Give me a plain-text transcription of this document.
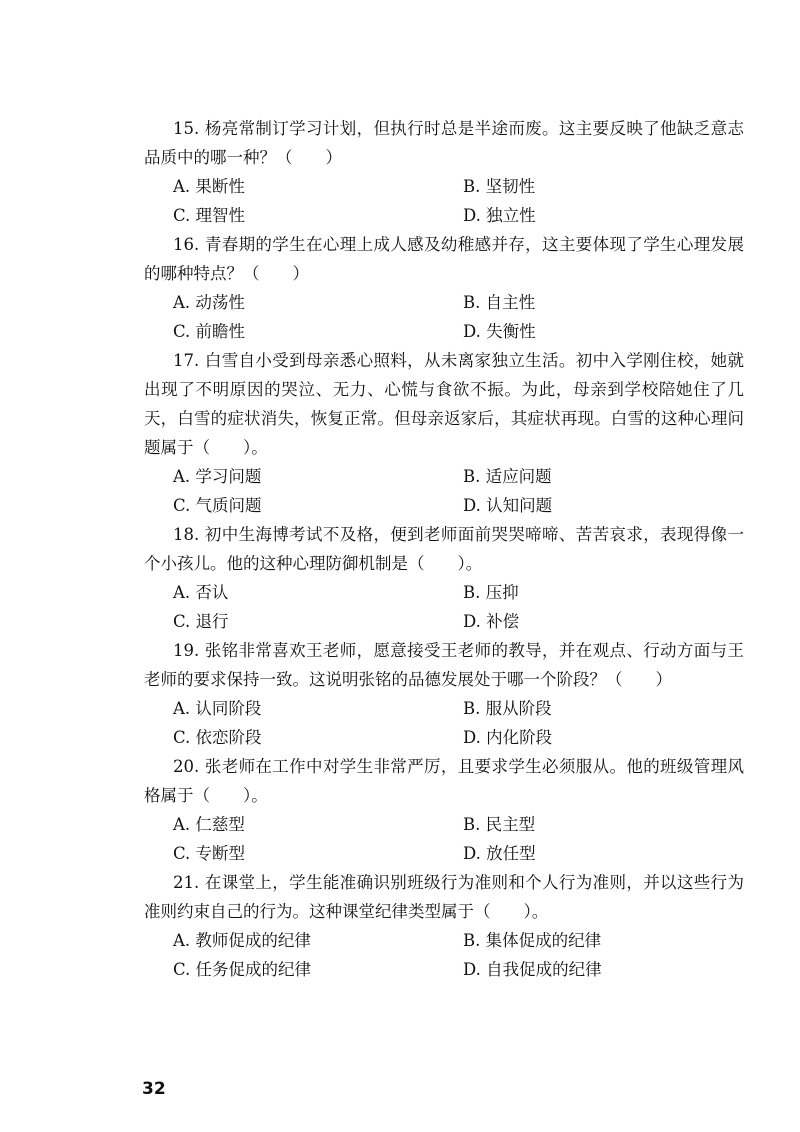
15. 杨亮常制订学习计划，但执行时总是半途而废。这主要反映了他缺乏意志品质中的哪一种？（　　）

A. 果断性	B. 坚韧性
C. 理智性	D. 独立性

16. 青春期的学生在心理上成人感及幼稚感并存，这主要体现了学生心理发展的哪种特点？（　　）

A. 动荡性	B. 自主性
C. 前瞻性	D. 失衡性

17. 白雪自小受到母亲悉心照料，从未离家独立生活。初中入学刚住校，她就出现了不明原因的哭泣、无力、心慌与食欲不振。为此，母亲到学校陪她住了几天，白雪的症状消失，恢复正常。但母亲返家后，其症状再现。白雪的这种心理问题属于（　　）。

A. 学习问题	B. 适应问题
C. 气质问题	D. 认知问题

18. 初中生海博考试不及格，便到老师面前哭哭啼啼、苦苦哀求，表现得像一个小孩儿。他的这种心理防御机制是（　　）。

A. 否认	B. 压抑
C. 退行	D. 补偿

19. 张铭非常喜欢王老师，愿意接受王老师的教导，并在观点、行动方面与王老师的要求保持一致。这说明张铭的品德发展处于哪一个阶段？（　　）

A. 认同阶段	B. 服从阶段
C. 依恋阶段	D. 内化阶段

20. 张老师在工作中对学生非常严厉，且要求学生必须服从。他的班级管理风格属于（　　）。

A. 仁慈型	B. 民主型
C. 专断型	D. 放任型

21. 在课堂上，学生能准确识别班级行为准则和个人行为准则，并以这些行为准则约束自己的行为。这种课堂纪律类型属于（　　）。

A. 教师促成的纪律	B. 集体促成的纪律
C. 任务促成的纪律	D. 自我促成的纪律
32
